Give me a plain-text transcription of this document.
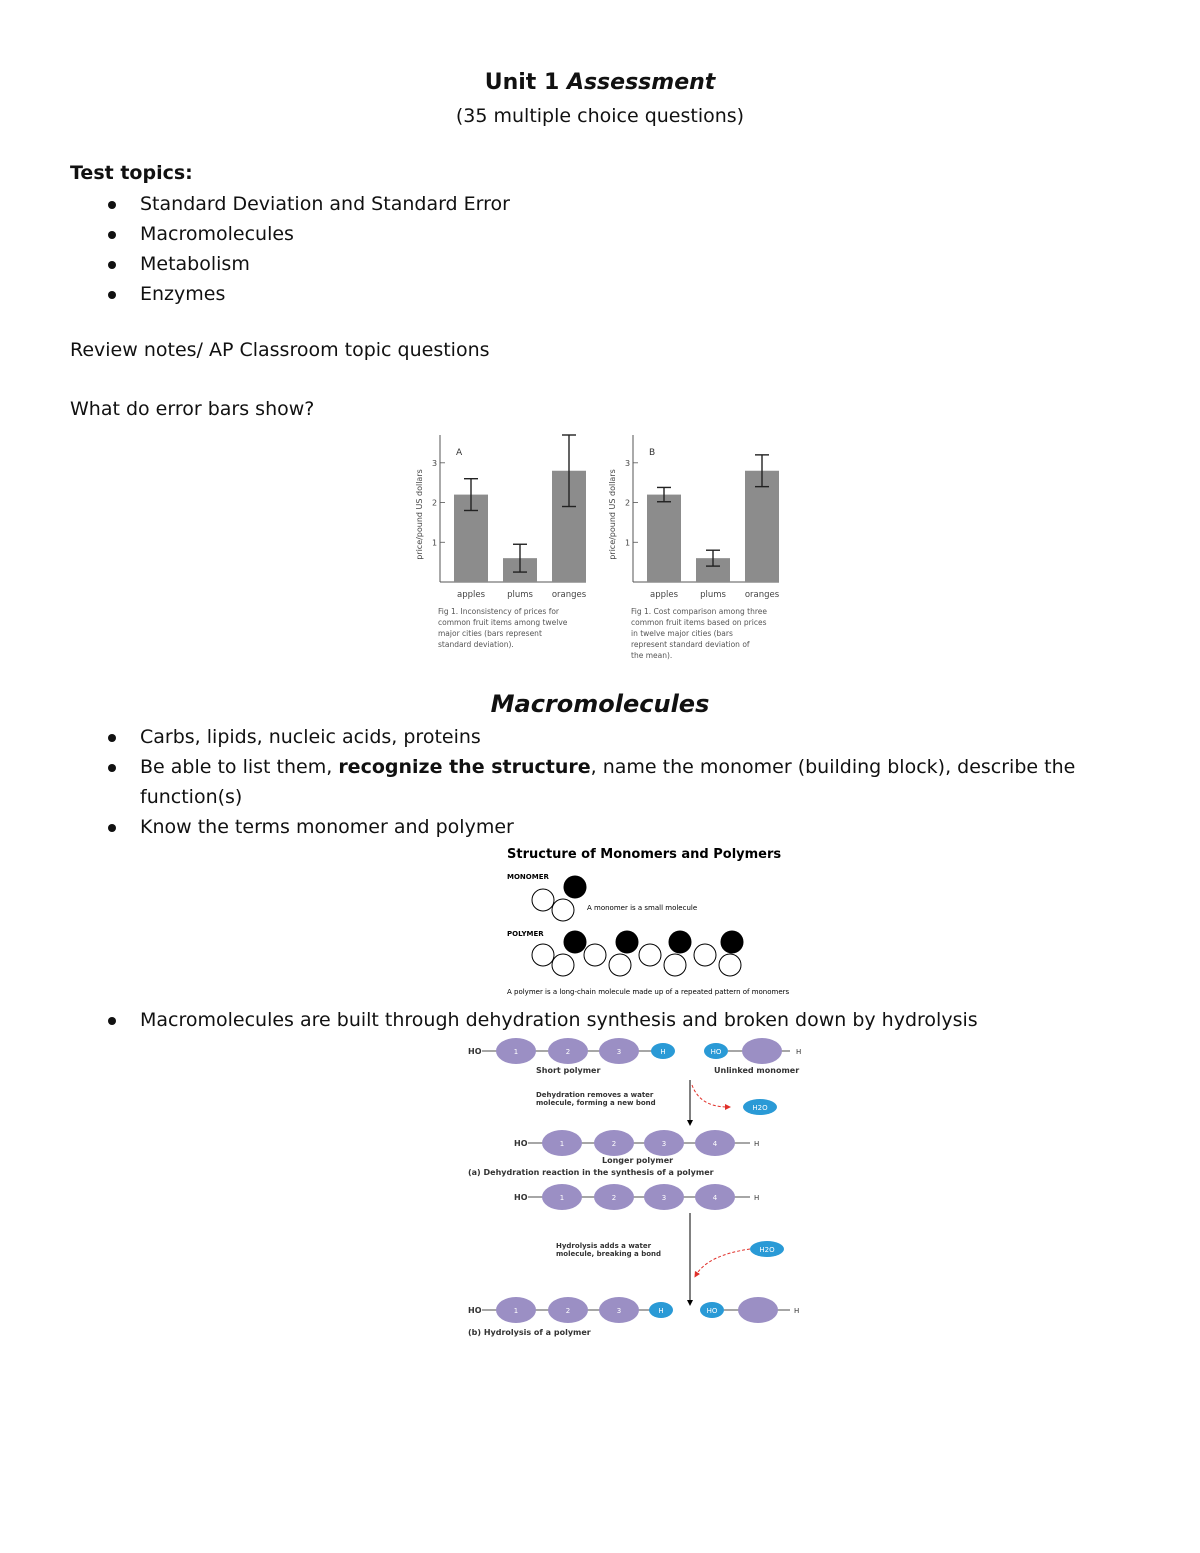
Unit 1 Assessment
(35 multiple choice questions)
Test topics:
Standard Deviation and Standard Error
Macromolecules
Metabolism
Enzymes
Review notes/ AP Classroom topic questions
What do error bars show?
1
2
3
price/pound US dollars
A
apples	plums oranges
Fig 1. Inconsistency of prices for
common fruit items among twelve
major cities (bars represent
standard deviation).
1
2
3
price/pound US dollars
B
apples	plums oranges
Fig 1. Cost comparison among three
common fruit items based on prices
in twelve major cities (bars
represent standard deviation of
the mean).
Macromolecules
Carbs, lipids, nucleic acids, proteins
Be able to list them, recognize the structure, name the monomer (building block), describe the function(s)
Know the terms monomer and polymer
Structure of Monomers and Polymers
MONOMER
A monomer is a small molecule
POLYMER
A polymer is a long-chain molecule made up of a repeated pattern of monomers
Macromolecules are built through dehydration synthesis and broken down by hydrolysis
HO	1	2	3	H
Short polymer
HO	H
Unlinked monomer
Dehydration removes a water
molecule, forming a new bond
H2O
HO	1	2	3	4	H
Longer polymer
(a) Dehydration reaction in the synthesis of a polymer
HO	1	2	3	4	H
Hydrolysis adds a water
molecule, breaking a bond	H2O
HO	1	2	3	H	HO	H
(b) Hydrolysis of a polymer
